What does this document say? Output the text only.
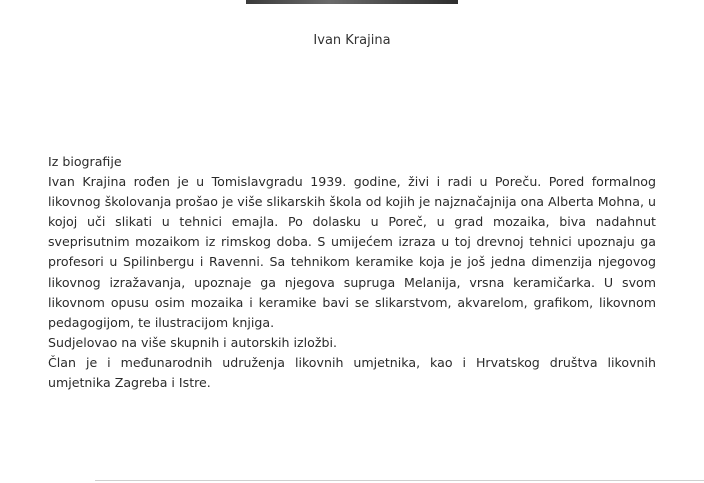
Ivan Krajina

Iz biografije

Ivan Krajina rođen je u Tomislavgradu 1939. godine, živi i radi u Poreču. Pored formalnog likovnog školovanja prošao je više slikarskih škola od kojih je najznačajnija ona Alberta Mohna, u kojoj uči slikati u tehnici emajla. Po dolasku u Poreč, u grad mozaika, biva nadahnut sveprisutnim mozaikom iz rimskog doba. S umijećem izraza u toj drevnoj tehnici upoznaju ga profesori u Spilinbergu i Ravenni. Sa tehnikom keramike koja je još jedna dimenzija njegovog likovnog izražavanja, upoznaje ga njegova supruga Melanija, vrsna keramičarka. U svom likovnom opusu osim mozaika i keramike bavi se slikarstvom, akvarelom, grafikom, likovnom pedagogijom, te ilustracijom knjiga.

Sudjelovao na više skupnih i autorskih izložbi.

Član je i međunarodnih udruženja likovnih umjetnika, kao i Hrvatskog društva likovnih umjetnika Zagreba i Istre.
